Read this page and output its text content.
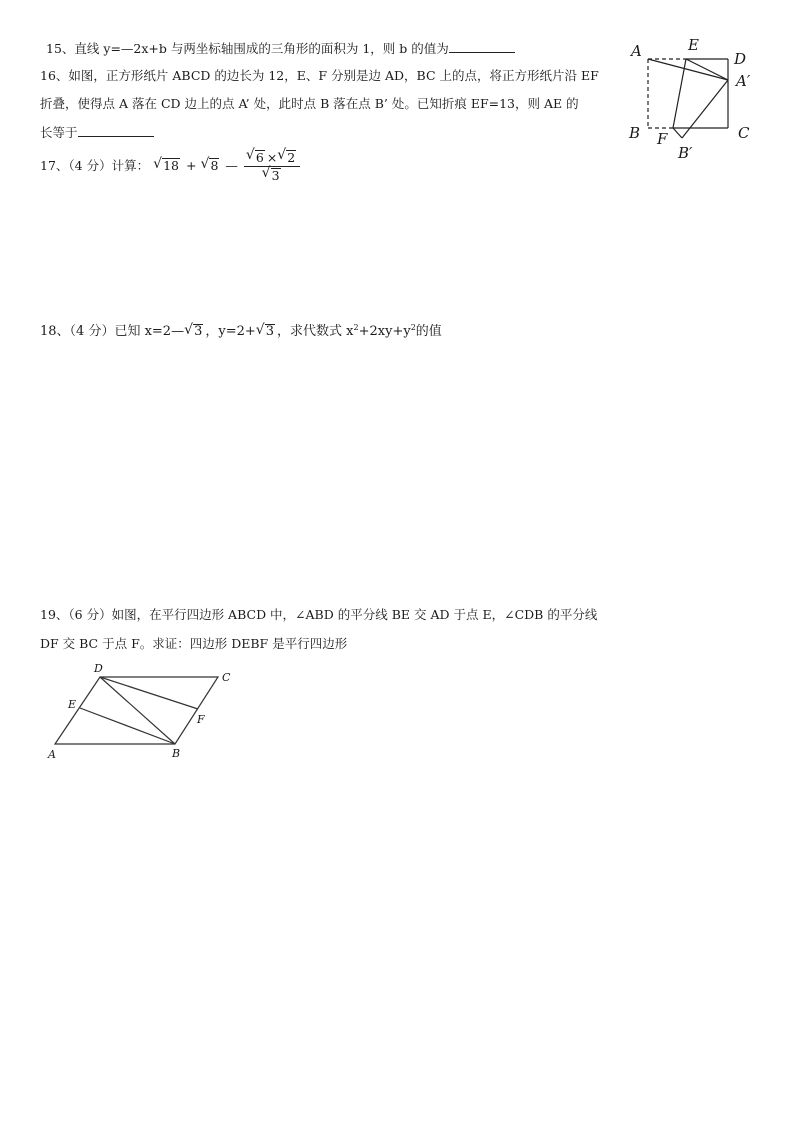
15、直线 y=—2x+b 与两坐标轴围成的三角形的面积为 1，则 b 的值为
16、如图，正方形纸片 ABCD 的边长为 12，E、F 分别是边 AD，BC 上的点，将正方形纸片沿 EF
折叠，使得点 A 落在 CD 边上的点 A’ 处，此时点 B 落在点 B’ 处。已知折痕 EF=13，则 AE 的
长等于
17、（4 分）计算： √ 18 + √ 8 — √ 6 × √ 2
√ 3
18、（4 分）已知 x=2— √ 3 ，y=2+ √ 3 ，求代数式 $x^2+2xy+y^2$的值
19、（6 分）如图，在平行四边形 ABCD 中，∠ABD 的平分线 BE 交 AD 于点 E，∠CDB 的平分线
DF 交 BC 于点 F。求证：四边形 DEBF 是平行四边形
A	E
D
A′
B F
B′
C
D
C
E
F
A	B
